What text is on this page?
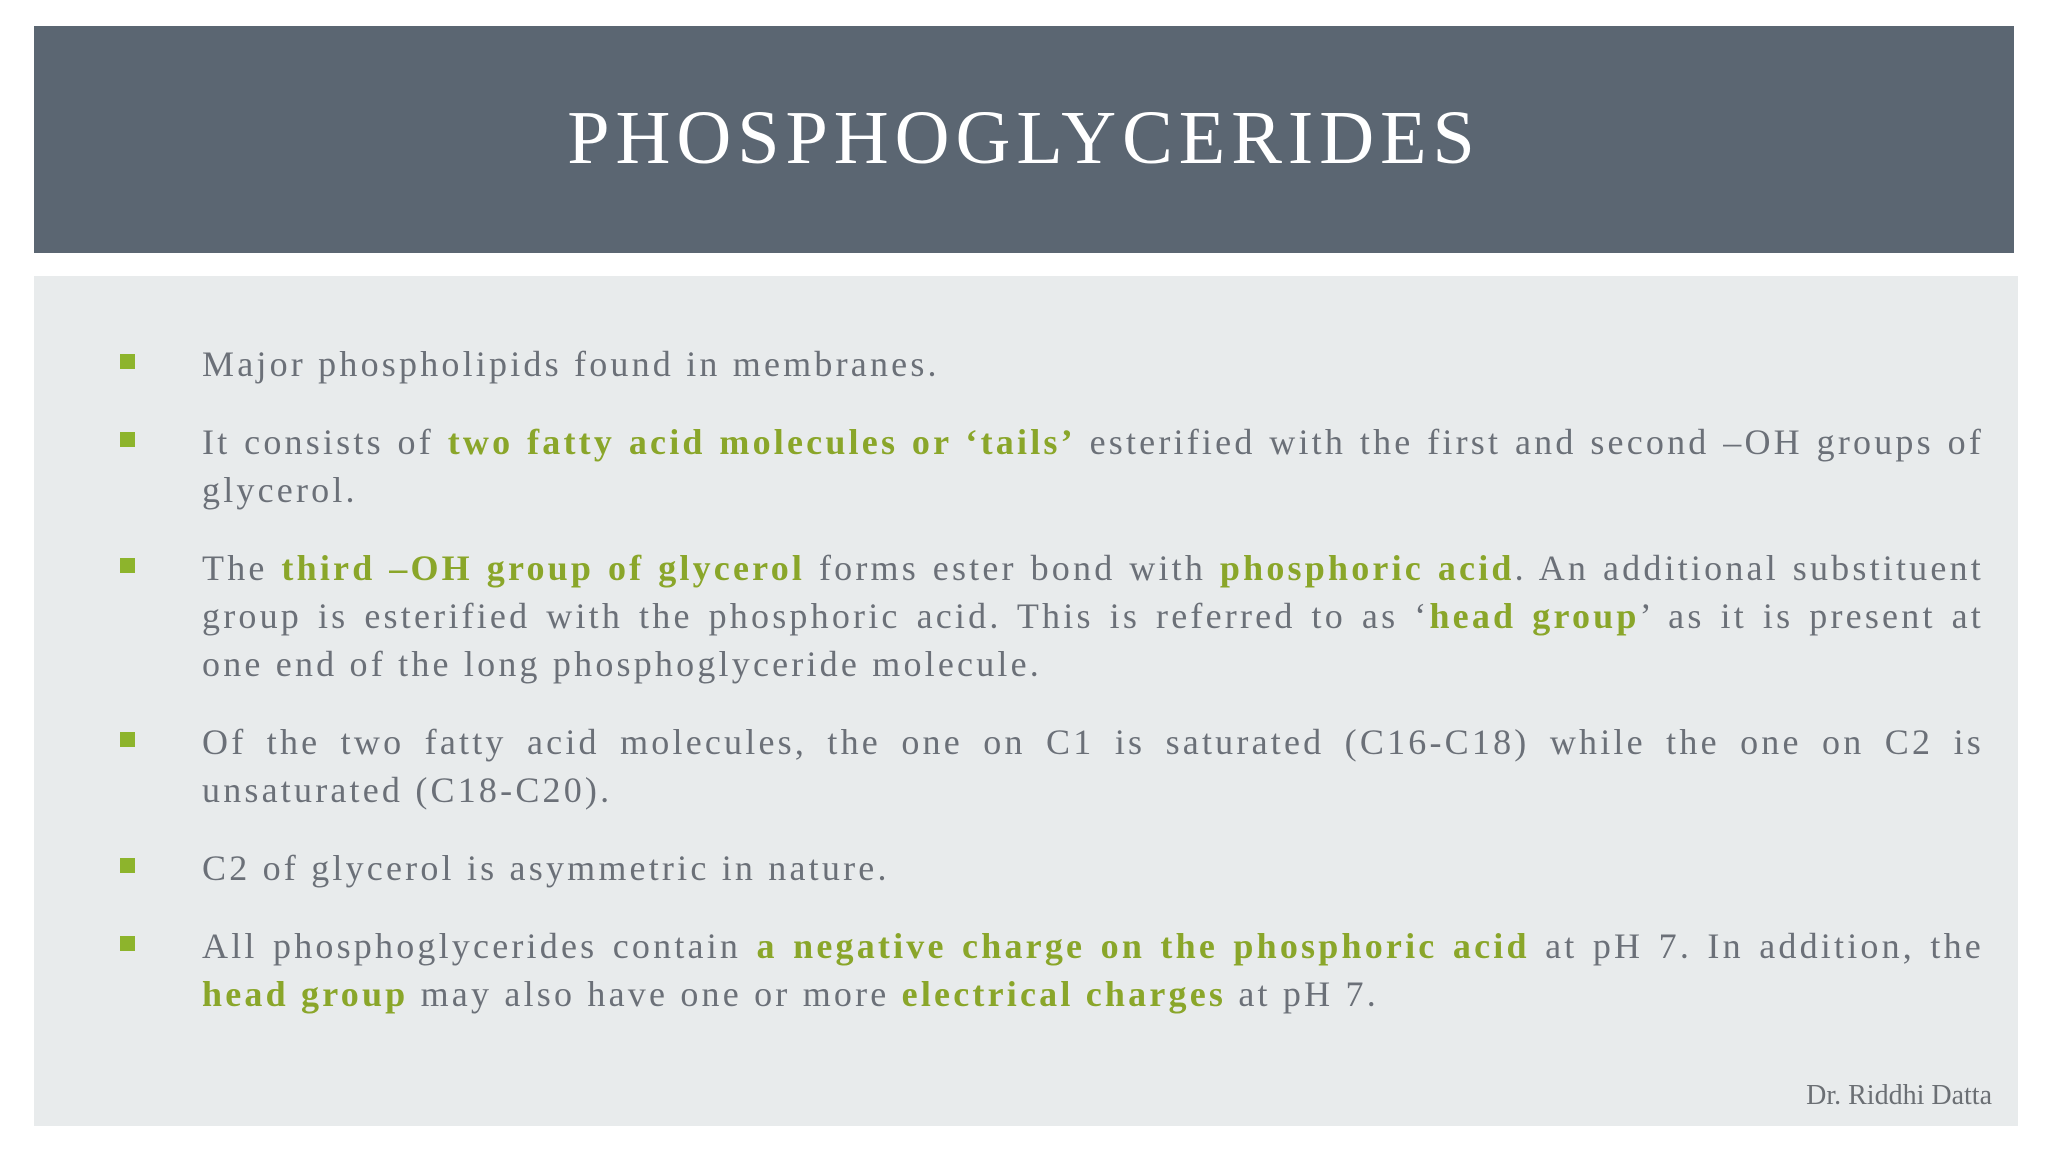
PHOSPHOGLYCERIDES
Major phospholipids found in membranes.
It consists of two fatty acid molecules or ‘tails’ esterified with the first and second –OH groups of glycerol.
The third –OH group of glycerol forms ester bond with phosphoric acid. An additional substituent group is esterified with the phosphoric acid. This is referred to as ‘head group’ as it is present at one end of the long phosphoglyceride molecule.
Of the two fatty acid molecules, the one on C1 is saturated (C16-C18) while the one on C2 is unsaturated (C18-C20).
C2 of glycerol is asymmetric in nature.
All phosphoglycerides contain a negative charge on the phosphoric acid at pH 7. In addition, the head group may also have one or more electrical charges at pH 7.
Dr. Riddhi Datta
